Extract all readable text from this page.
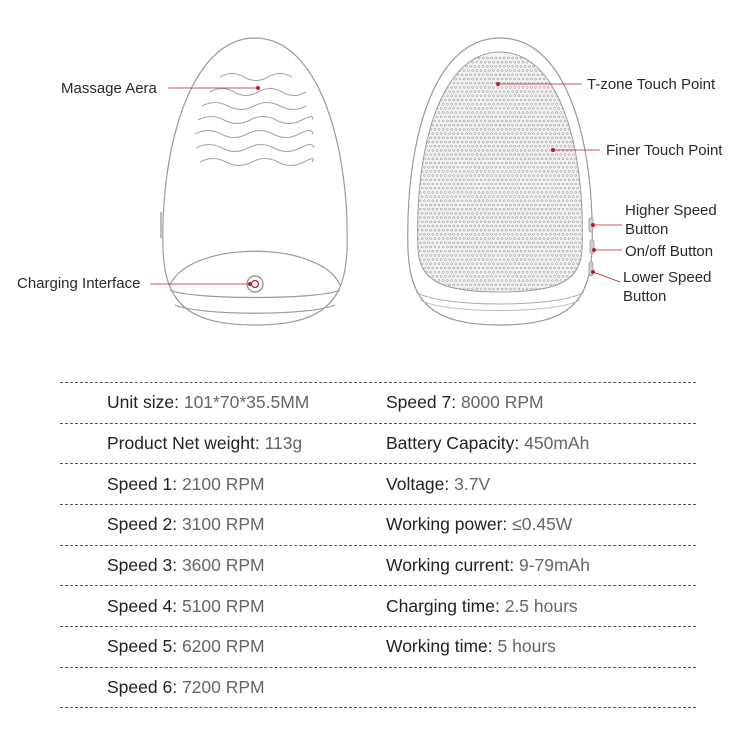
Massage Aera
Charging Interface
T-zone Touch Point
Finer Touch Point
Higher Speed Button
On/off Button
Lower Speed Button
Unit size: 101*70*35.5MM	Speed 7: 8000 RPM
Product Net weight: 113g	Battery Capacity: 450mAh
Speed 1: 2100 RPM	Voltage: 3.7V
Speed 2: 3100 RPM	Working power: ≤0.45W
Speed 3: 3600 RPM	Working current: 9-79mAh
Speed 4: 5100 RPM	Charging time: 2.5 hours
Speed 5: 6200 RPM	Working time: 5 hours
Speed 6: 7200 RPM
